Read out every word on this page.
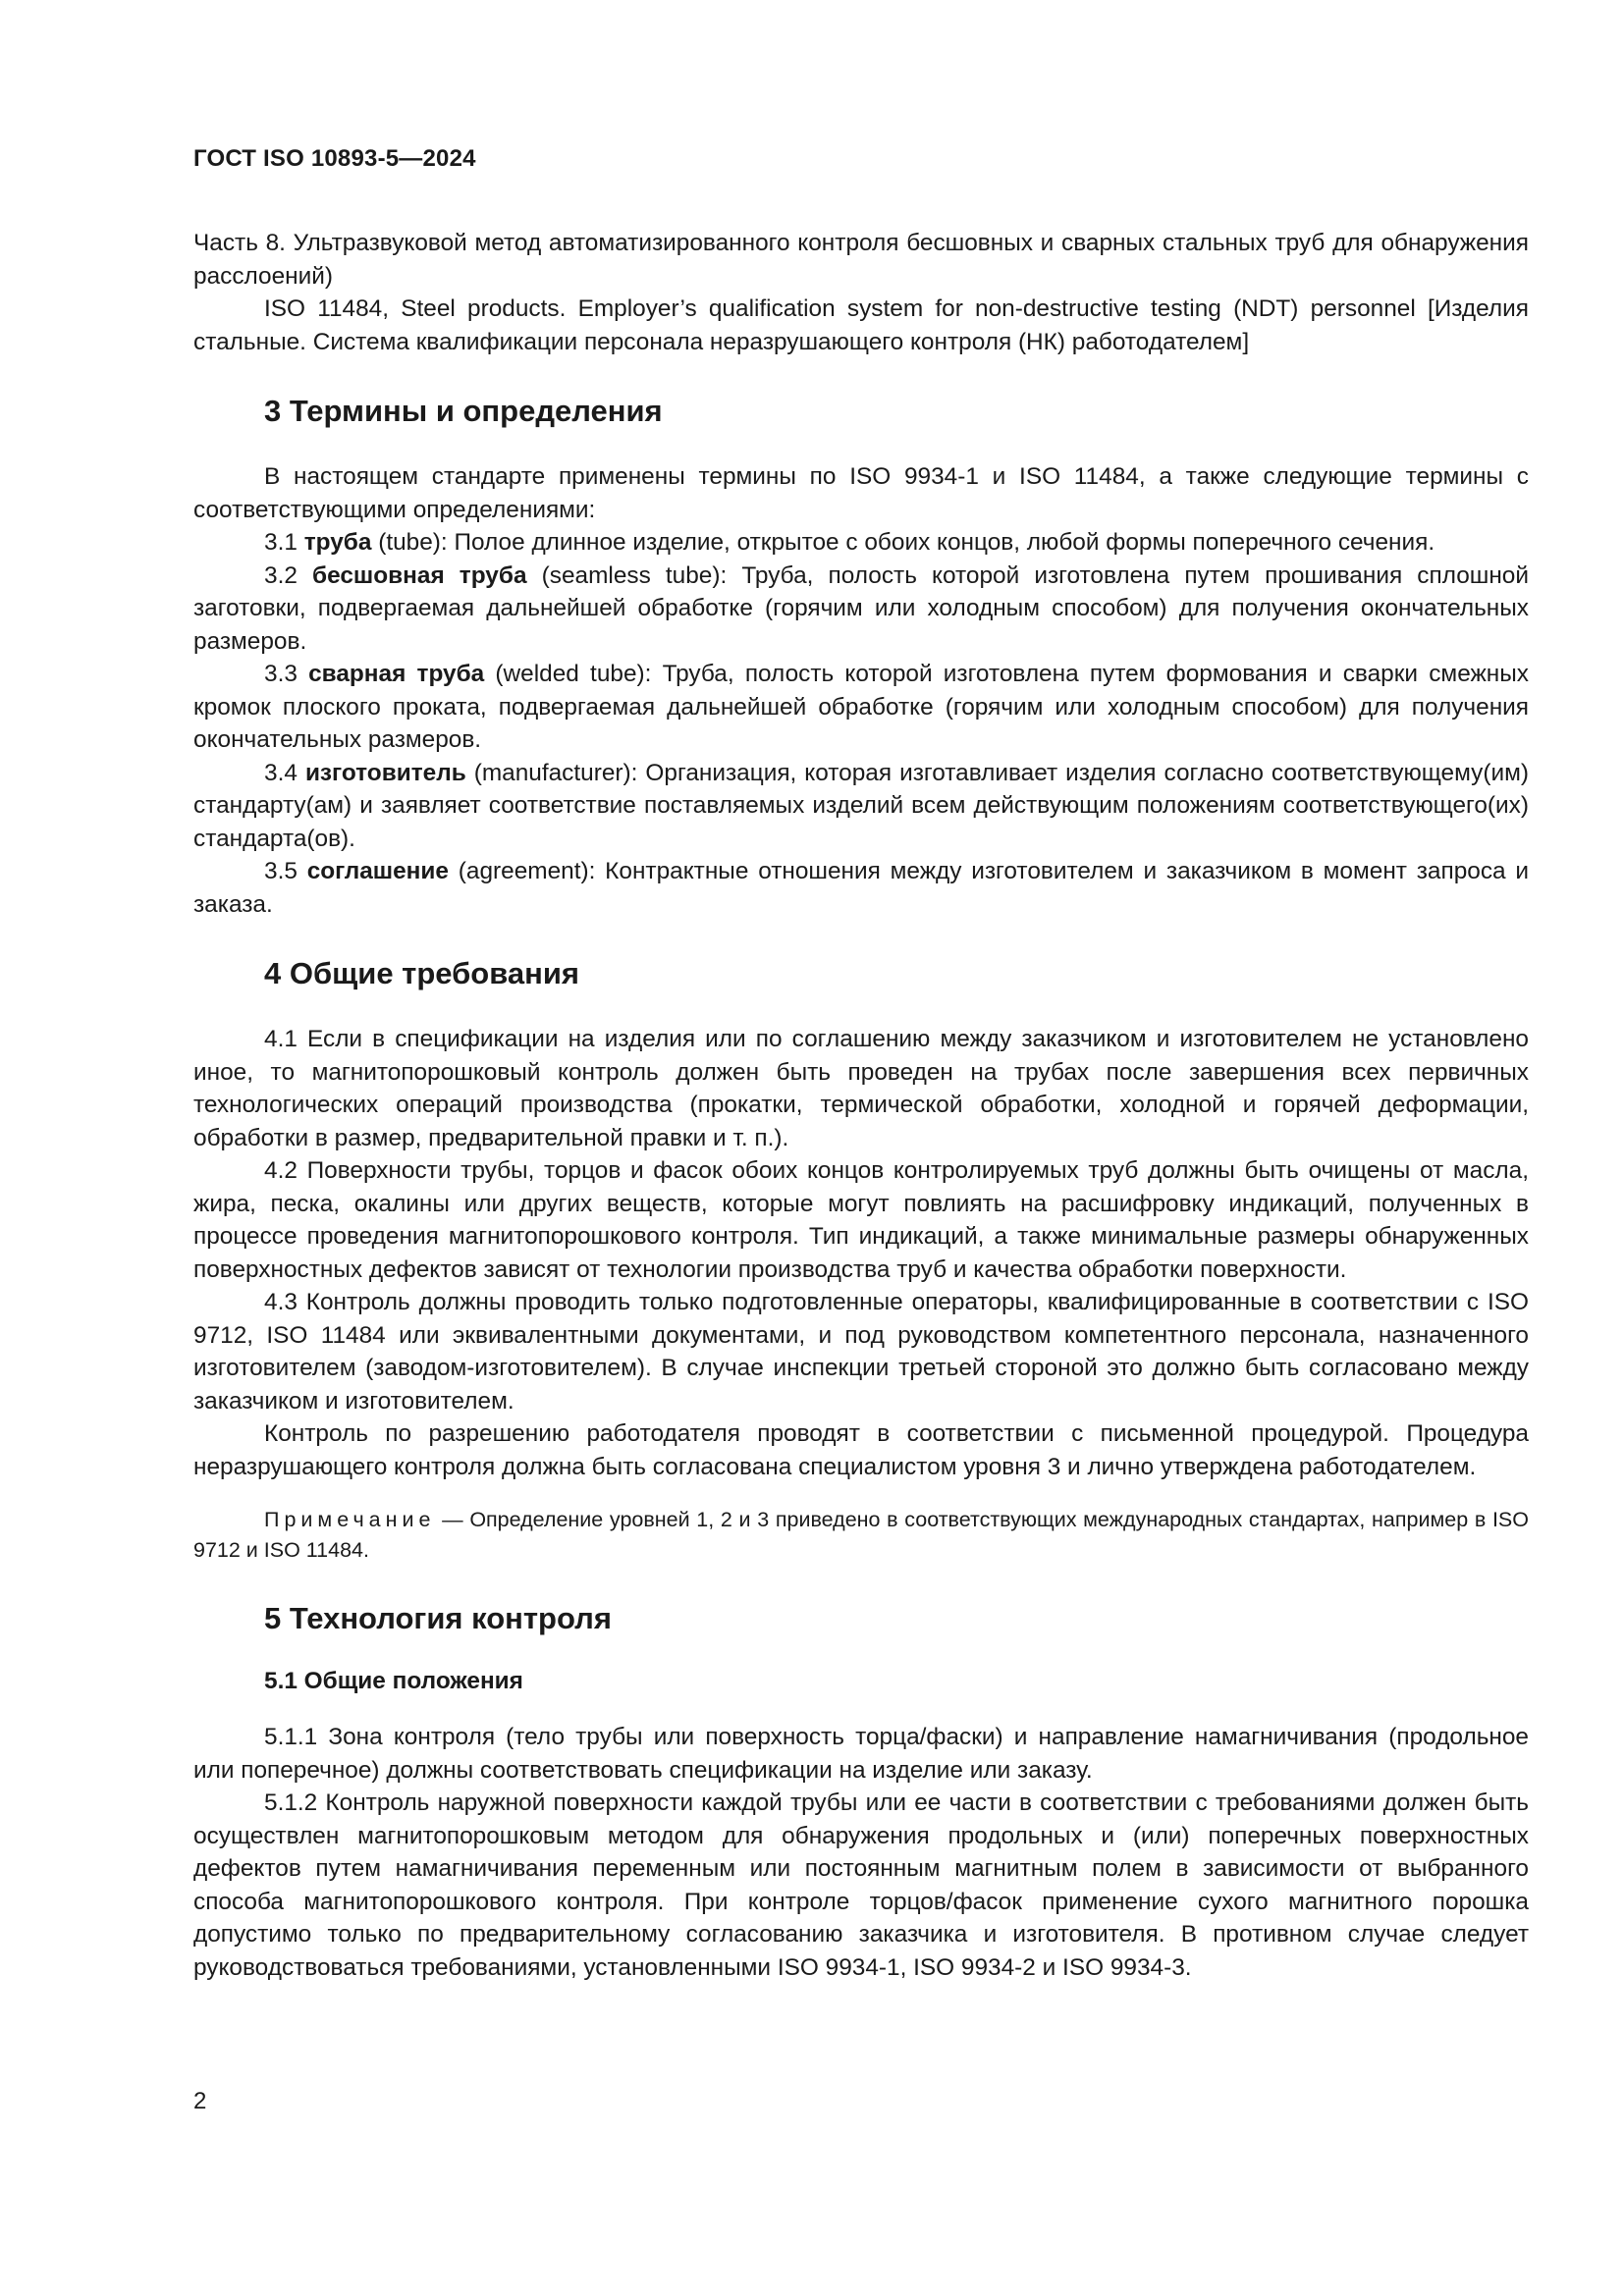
ГОСТ ISO 10893-5—2024

Часть 8. Ультразвуковой метод автоматизированного контроля бесшовных и сварных стальных труб для обнаружения расслоений)

ISO 11484, Steel products. Employer’s qualification system for non-destructive testing (NDT) personnel [Изделия стальные. Система квалификации персонала неразрушающего контроля (НК) работодателем]

3 Термины и определения

В настоящем стандарте применены термины по ISO 9934-1 и ISO 11484, а также следующие термины с соответствующими определениями:

3.1 труба (tube): Полое длинное изделие, открытое с обоих концов, любой формы поперечного сечения.

3.2 бесшовная труба (seamless tube): Труба, полость которой изготовлена путем прошивания сплошной заготовки, подвергаемая дальнейшей обработке (горячим или холодным способом) для получения окончательных размеров.

3.3 сварная труба (welded tube): Труба, полость которой изготовлена путем формования и сварки смежных кромок плоского проката, подвергаемая дальнейшей обработке (горячим или холодным способом) для получения окончательных размеров.

3.4 изготовитель (manufacturer): Организация, которая изготавливает изделия согласно соответствующему(им) стандарту(ам) и заявляет соответствие поставляемых изделий всем действующим положениям соответствующего(их) стандарта(ов).

3.5 соглашение (agreement): Контрактные отношения между изготовителем и заказчиком в момент запроса и заказа.

4 Общие требования

4.1 Если в спецификации на изделия или по соглашению между заказчиком и изготовителем не установлено иное, то магнитопорошковый контроль должен быть проведен на трубах после завершения всех первичных технологических операций производства (прокатки, термической обработки, холодной и горячей деформации, обработки в размер, предварительной правки и т. п.).

4.2 Поверхности трубы, торцов и фасок обоих концов контролируемых труб должны быть очищены от масла, жира, песка, окалины или других веществ, которые могут повлиять на расшифровку индикаций, полученных в процессе проведения магнитопорошкового контроля. Тип индикаций, а также минимальные размеры обнаруженных поверхностных дефектов зависят от технологии производства труб и качества обработки поверхности.

4.3 Контроль должны проводить только подготовленные операторы, квалифицированные в соответствии с ISO 9712, ISO 11484 или эквивалентными документами, и под руководством компетентного персонала, назначенного изготовителем (заводом-изготовителем). В случае инспекции третьей стороной это должно быть согласовано между заказчиком и изготовителем.

Контроль по разрешению работодателя проводят в соответствии с письменной процедурой. Процедура неразрушающего контроля должна быть согласована специалистом уровня 3 и лично утверждена работодателем.

Примечание — Определение уровней 1, 2 и 3 приведено в соответствующих международных стандартах, например в ISO 9712 и ISO 11484.

5 Технология контроля
5.1 Общие положения

5.1.1 Зона контроля (тело трубы или поверхность торца/фаски) и направление намагничивания (продольное или поперечное) должны соответствовать спецификации на изделие или заказу.

5.1.2 Контроль наружной поверхности каждой трубы или ее части в соответствии с требованиями должен быть осуществлен магнитопорошковым методом для обнаружения продольных и (или) поперечных поверхностных дефектов путем намагничивания переменным или постоянным магнитным полем в зависимости от выбранного способа магнитопорошкового контроля. При контроле торцов/фасок применение сухого магнитного порошка допустимо только по предварительному согласованию заказчика и изготовителя. В противном случае следует руководствоваться требованиями, установленными ISO 9934-1, ISO 9934-2 и ISO 9934-3.

2
